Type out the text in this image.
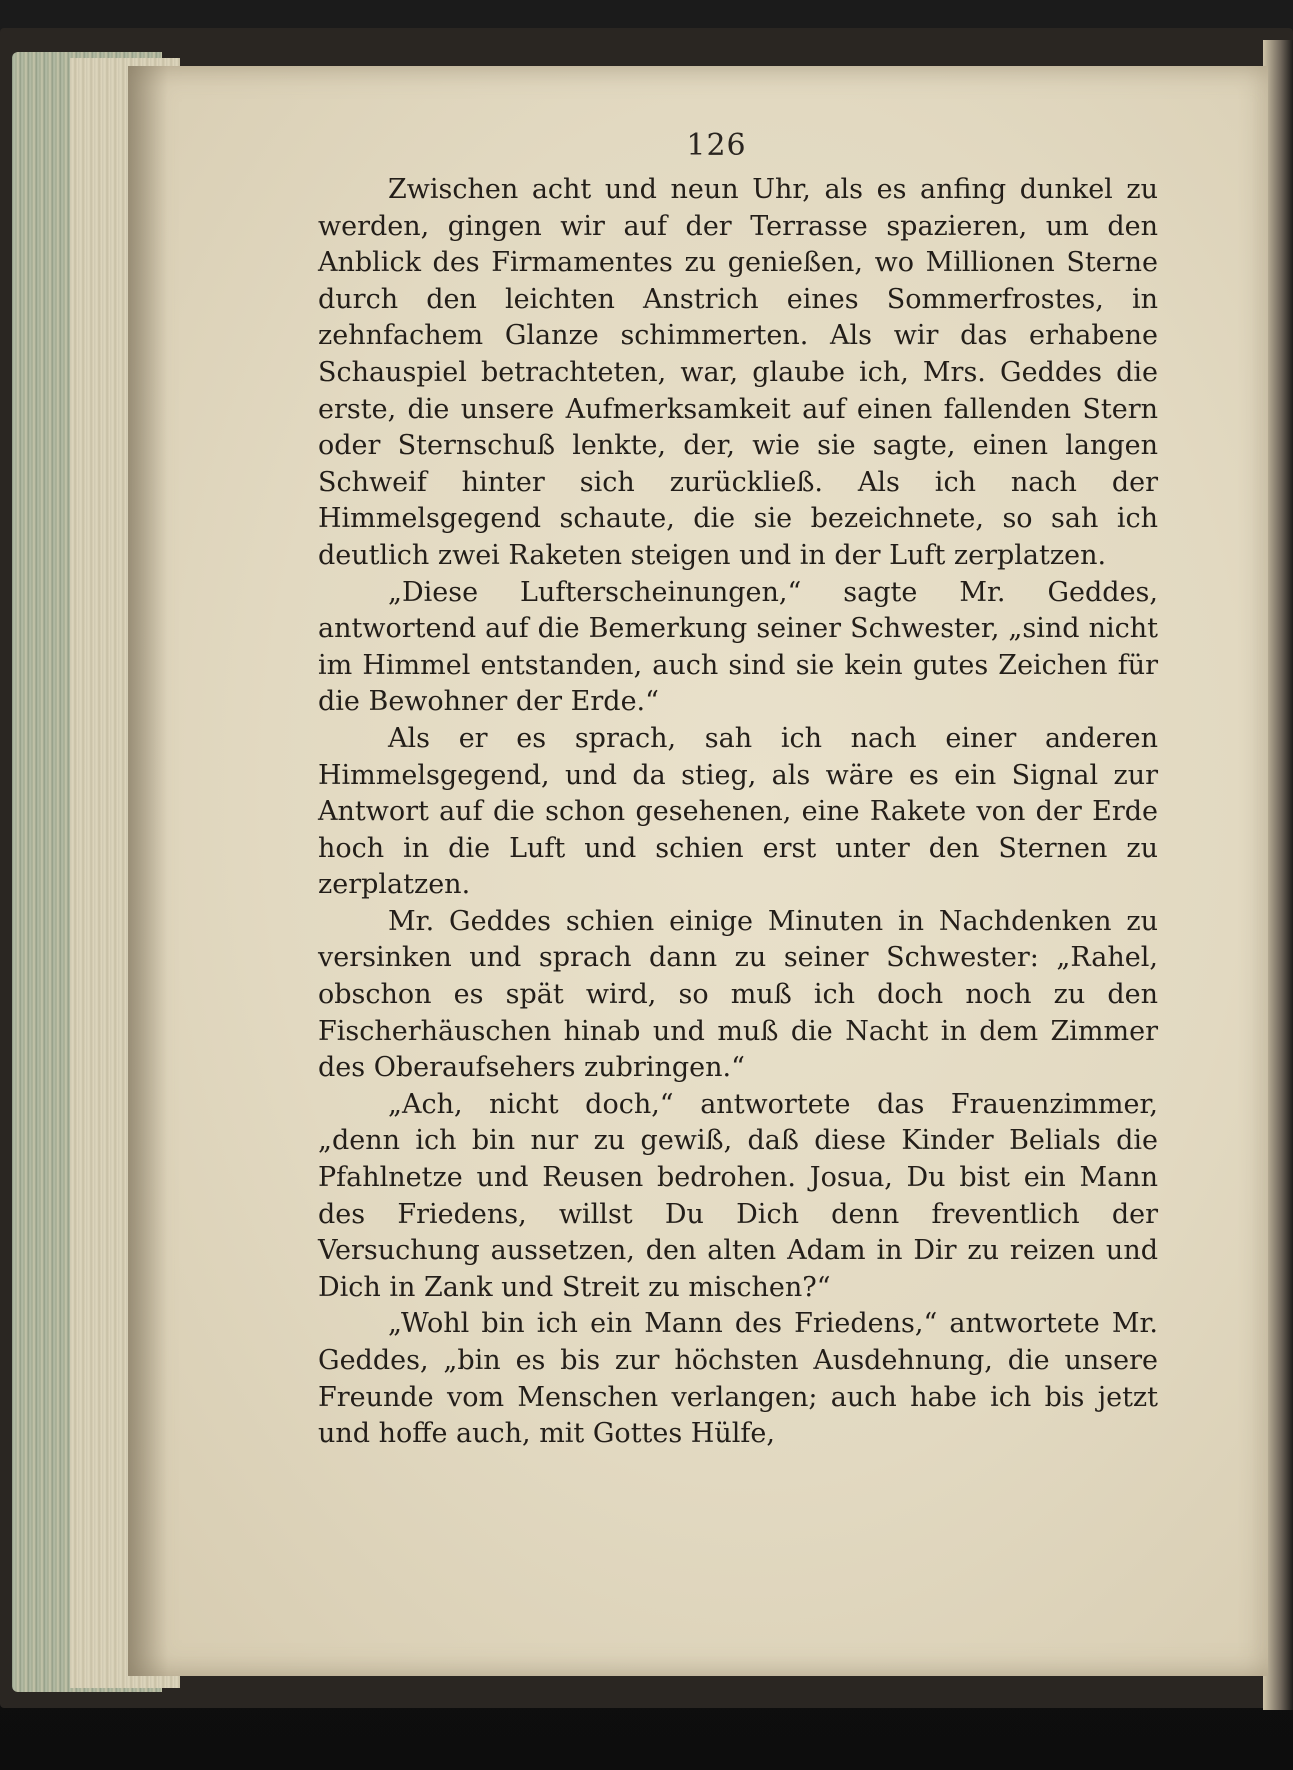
126

Zwischen acht und neun Uhr, als es anfing dunkel zu werden, gingen wir auf der Terrasse spazieren, um den Anblick des Firmamentes zu genießen, wo Millionen Sterne durch den leichten Anstrich eines Sommerfrostes, in zehnfachem Glanze schimmerten. Als wir das erhabene Schauspiel betrachteten, war, glaube ich, Mrs. Geddes die erste, die unsere Aufmerksamkeit auf einen fallenden Stern oder Sternschuß lenkte, der, wie sie sagte, einen langen Schweif hinter sich zurückließ. Als ich nach der Himmelsgegend schaute, die sie bezeichnete, so sah ich deutlich zwei Raketen steigen und in der Luft zerplatzen.

„Diese Lufterscheinungen,“ sagte Mr. Geddes, antwortend auf die Bemerkung seiner Schwester, „sind nicht im Himmel entstanden, auch sind sie kein gutes Zeichen für die Bewohner der Erde.“

Als er es sprach, sah ich nach einer anderen Himmelsgegend, und da stieg, als wäre es ein Signal zur Antwort auf die schon gesehenen, eine Rakete von der Erde hoch in die Luft und schien erst unter den Sternen zu zerplatzen.

Mr. Geddes schien einige Minuten in Nachdenken zu versinken und sprach dann zu seiner Schwester: „Rahel, obschon es spät wird, so muß ich doch noch zu den Fischerhäuschen hinab und muß die Nacht in dem Zimmer des Oberaufsehers zubringen.“

„Ach, nicht doch,“ antwortete das Frauenzimmer, „denn ich bin nur zu gewiß, daß diese Kinder Belials die Pfahlnetze und Reusen bedrohen. Josua, Du bist ein Mann des Friedens, willst Du Dich denn freventlich der Versuchung aussetzen, den alten Adam in Dir zu reizen und Dich in Zank und Streit zu mischen?“

„Wohl bin ich ein Mann des Friedens,“ antwortete Mr. Geddes, „bin es bis zur höchsten Ausdehnung, die unsere Freunde vom Menschen verlangen; auch habe ich bis jetzt und hoffe auch, mit Gottes Hülfe,
